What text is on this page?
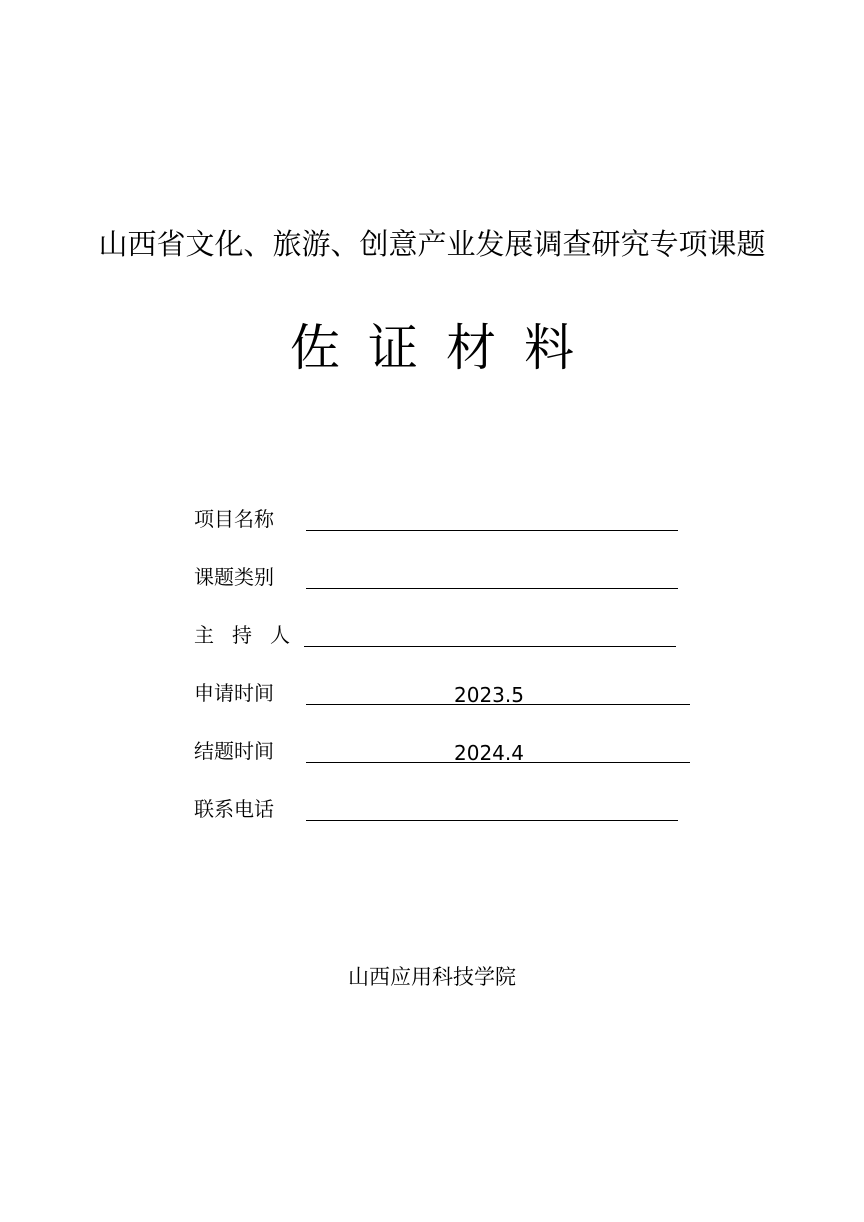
山西省文化、旅游、创意产业发展调查研究专项课题
佐证材料
项目名称
课题类别
主持人
申请时间	2023.5
结题时间	2024.4
联系电话
山西应用科技学院
